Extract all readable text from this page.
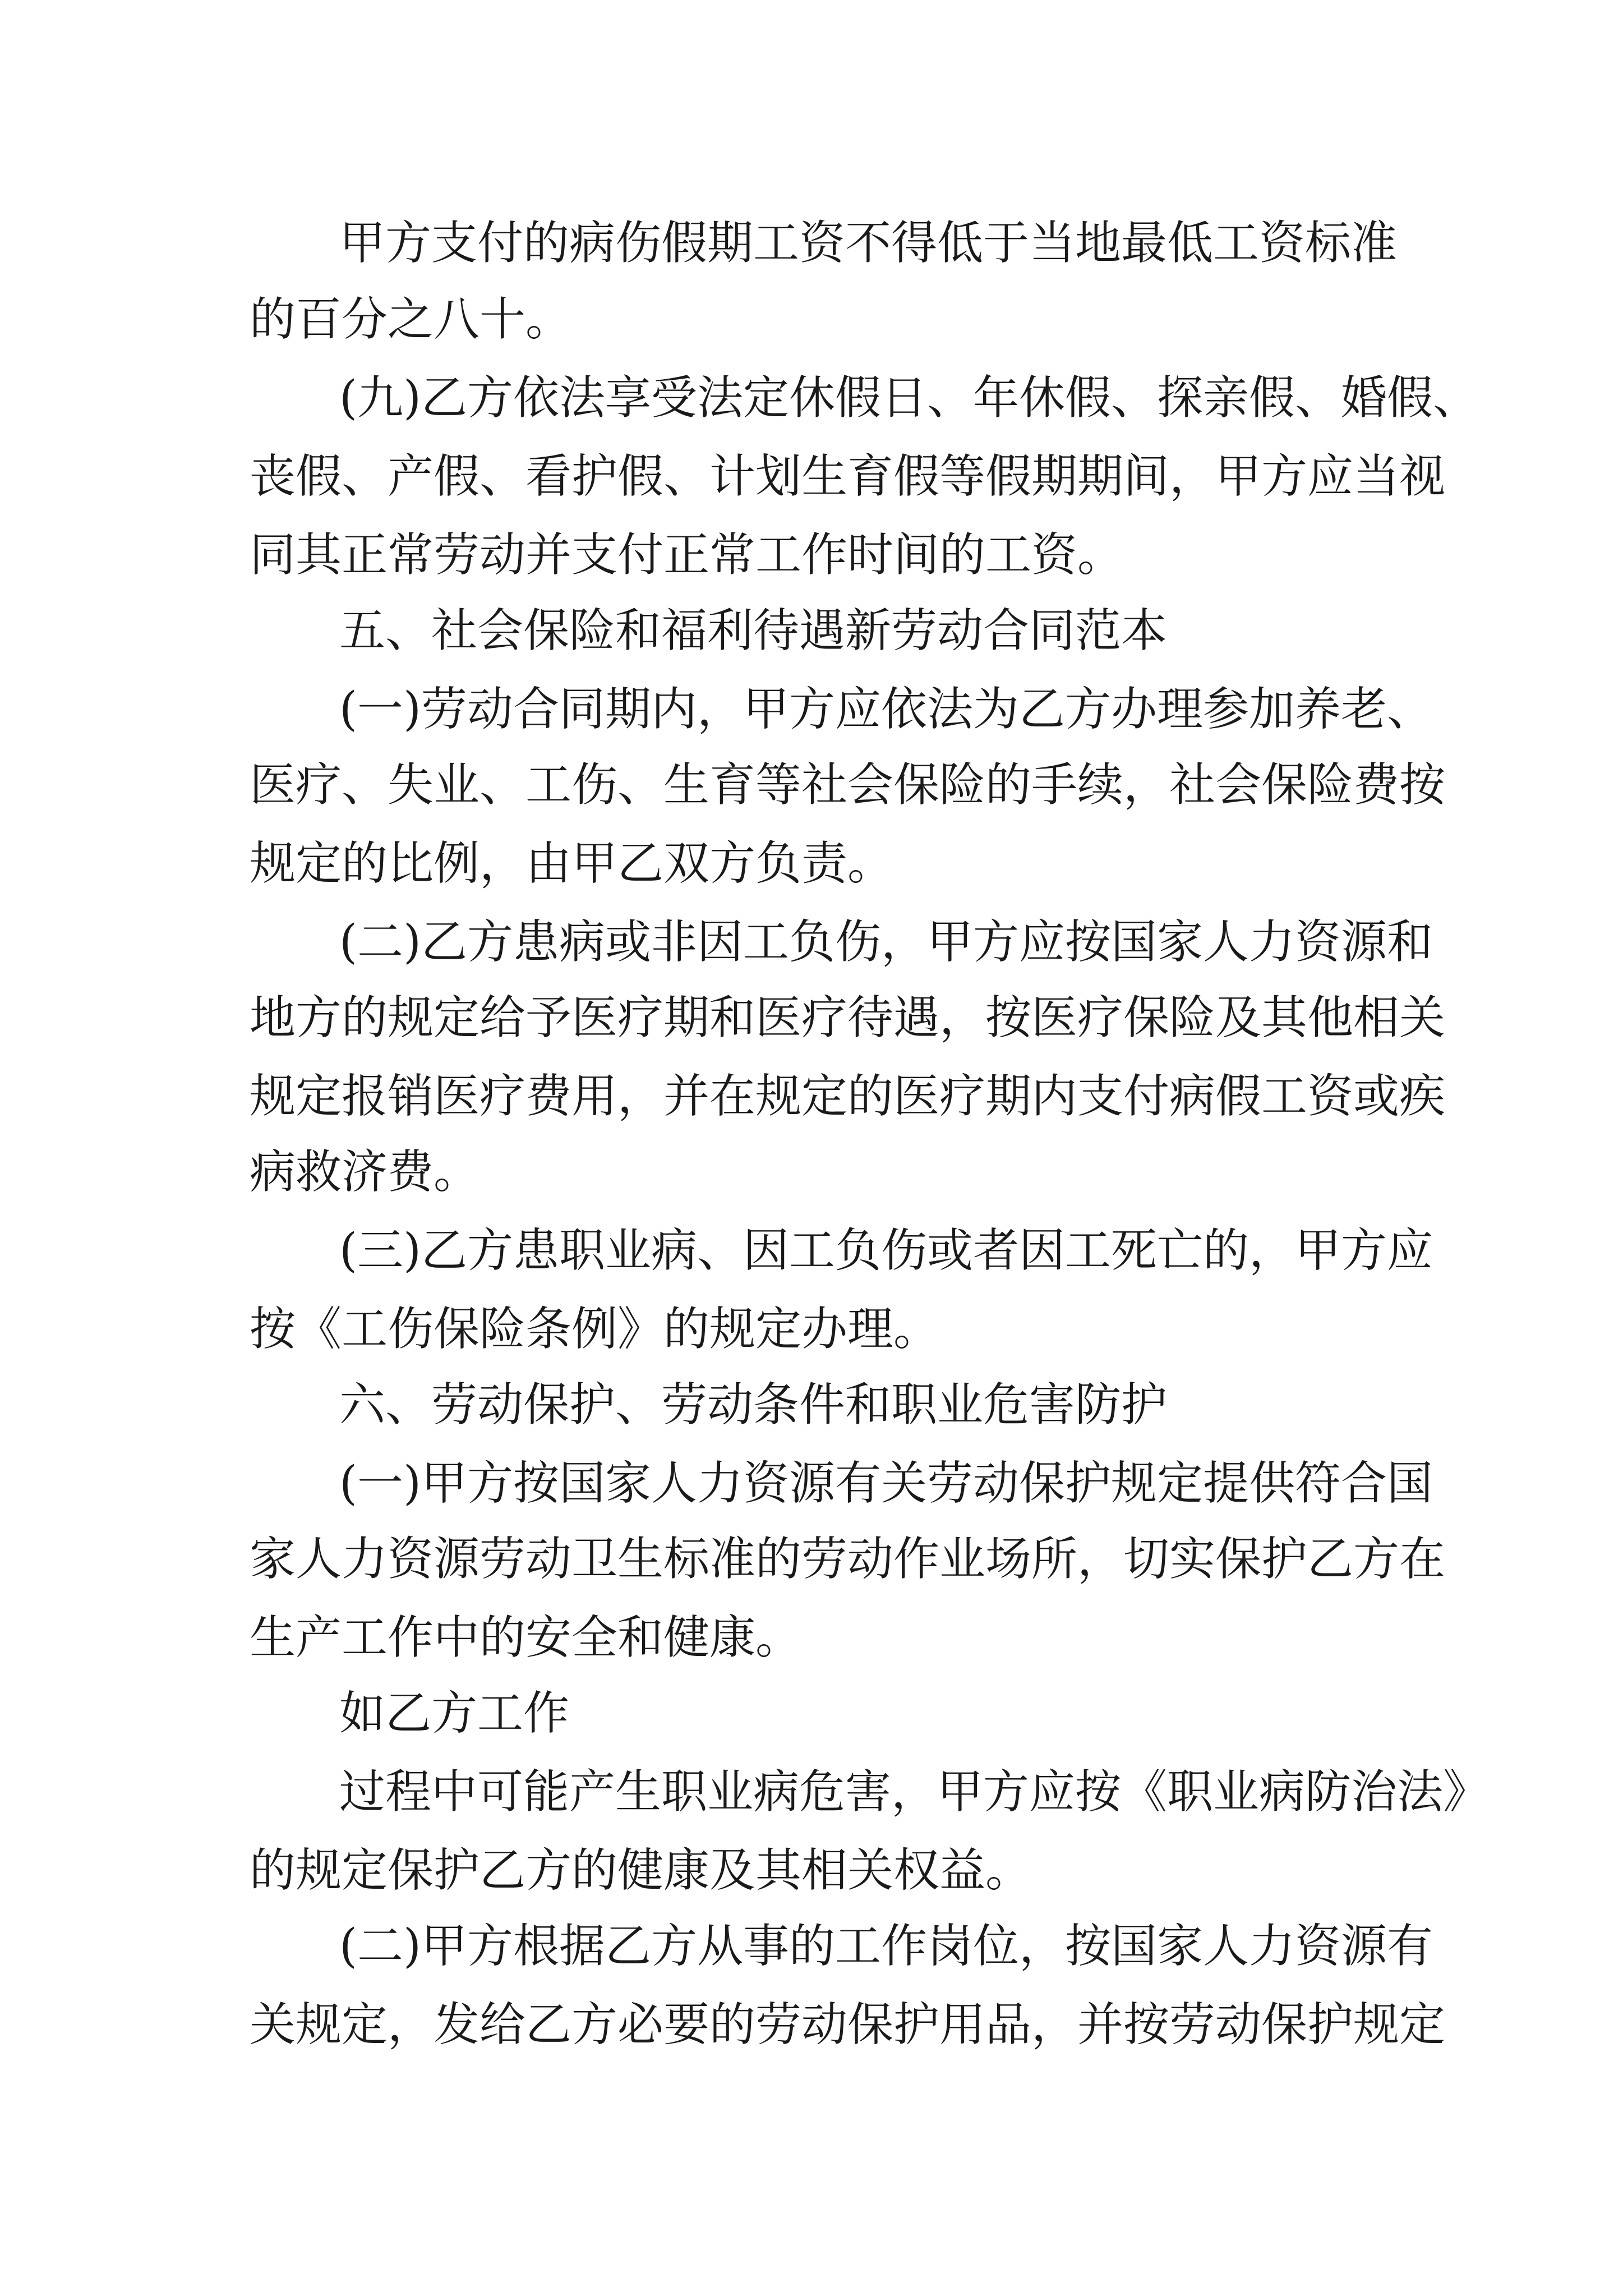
甲方支付的病伤假期工资不得低于当地最低工资标准
的百分之八十。
(九)乙方依法享受法定休假日、年休假、探亲假、婚假、
丧假、产假、看护假、计划生育假等假期期间，甲方应当视
同其正常劳动并支付正常工作时间的工资。
五、社会保险和福利待遇新劳动合同范本
(一)劳动合同期内，甲方应依法为乙方办理参加养老、
医疗、失业、工伤、生育等社会保险的手续，社会保险费按
规定的比例，由甲乙双方负责。
(二)乙方患病或非因工负伤，甲方应按国家人力资源和
地方的规定给予医疗期和医疗待遇，按医疗保险及其他相关
规定报销医疗费用，并在规定的医疗期内支付病假工资或疾
病救济费。
(三)乙方患职业病、因工负伤或者因工死亡的，甲方应
按《工伤保险条例》的规定办理。
六、劳动保护、劳动条件和职业危害防护
(一)甲方按国家人力资源有关劳动保护规定提供符合国
家人力资源劳动卫生标准的劳动作业场所，切实保护乙方在
生产工作中的安全和健康。
如乙方工作
过程中可能产生职业病危害，甲方应按《职业病防治法》
的规定保护乙方的健康及其相关权益。
(二)甲方根据乙方从事的工作岗位，按国家人力资源有
关规定，发给乙方必要的劳动保护用品，并按劳动保护规定
